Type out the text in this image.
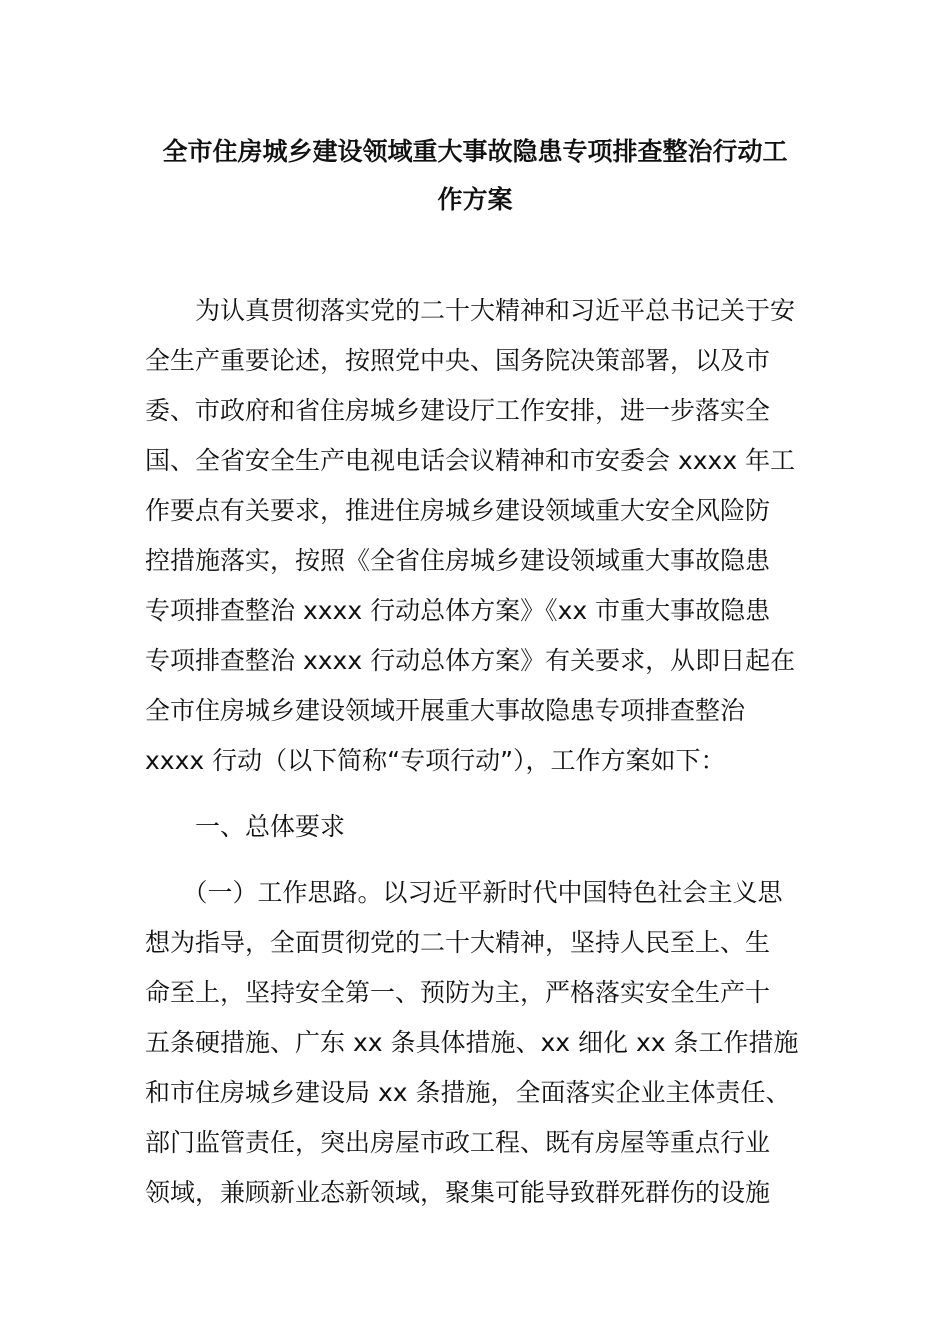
全市住房城乡建设领域重大事故隐患专项排查整治行动工
作方案
　　为认真贯彻落实党的二十大精神和习近平总书记关于安
全生产重要论述，按照党中央、国务院决策部署，以及市
委、市政府和省住房城乡建设厅工作安排，进一步落实全
国、全省安全生产电视电话会议精神和市安委会 xxxx 年工
作要点有关要求，推进住房城乡建设领域重大安全风险防
控措施落实，按照《全省住房城乡建设领域重大事故隐患
专项排查整治 xxxx 行动总体方案》《xx 市重大事故隐患
专项排查整治 xxxx 行动总体方案》有关要求，从即日起在
全市住房城乡建设领域开展重大事故隐患专项排查整治
xxxx 行动（以下简称“专项行动”），工作方案如下：
　　一、总体要求
　　（一）工作思路。以习近平新时代中国特色社会主义思
想为指导，全面贯彻党的二十大精神，坚持人民至上、生
命至上，坚持安全第一、预防为主，严格落实安全生产十
五条硬措施、广东 xx 条具体措施、xx 细化 xx 条工作措施
和市住房城乡建设局 xx 条措施，全面落实企业主体责任、
部门监管责任，突出房屋市政工程、既有房屋等重点行业
领域，兼顾新业态新领域，聚集可能导致群死群伤的设施
